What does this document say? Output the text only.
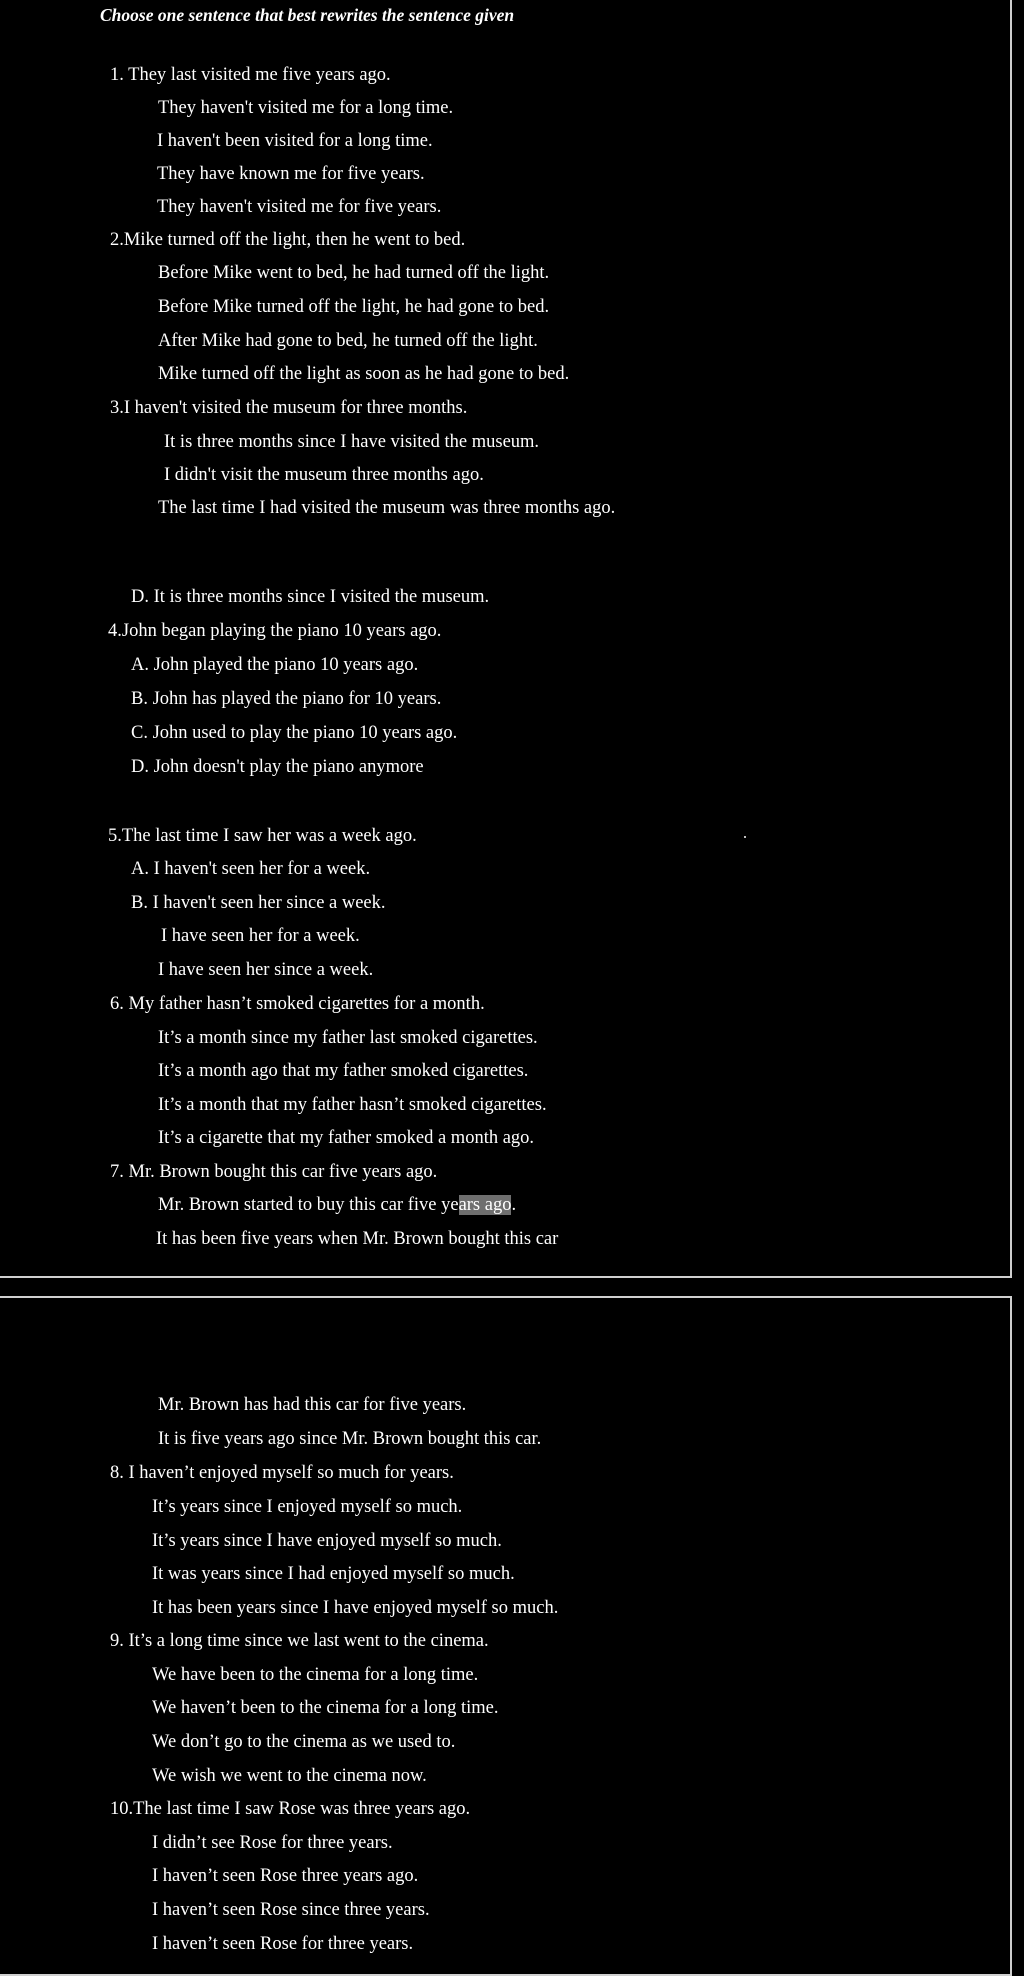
Choose one sentence that best rewrites the sentence given
1. They last visited me five years ago.
They haven't visited me for a long time.
I haven't been visited for a long time.
They have known me for five years.
They haven't visited me for five years.
2.Mike turned off the light, then he went to bed.
Before Mike went to bed, he had turned off the light.
Before Mike turned off the light, he had gone to bed.
After Mike had gone to bed, he turned off the light.
Mike turned off the light as soon as he had gone to bed.
3.I haven't visited the museum for three months.
It is three months since I have visited the museum.
I didn't visit the museum three months ago.
The last time I had visited the museum was three months ago.
D. It is three months since I visited the museum.
4.John began playing the piano 10 years ago.
A. John played the piano 10 years ago.
B. John has played the piano for 10 years.
C. John used to play the piano 10 years ago.
D. John doesn't play the piano anymore
5.The last time I saw her was a week ago.
A. I haven't seen her for a week.
B. I haven't seen her since a week.
I have seen her for a week.
I have seen her since a week.
6. My father hasn’t smoked cigarettes for a month.
It’s a month since my father last smoked cigarettes.
It’s a month ago that my father smoked cigarettes.
It’s a month that my father hasn’t smoked cigarettes.
It’s a cigarette that my father smoked a month ago.
7. Mr. Brown bought this car five years ago.
Mr. Brown started to buy this car five years ago.
It has been five years when Mr. Brown bought this car
Mr. Brown has had this car for five years.
It is five years ago since Mr. Brown bought this car.
8. I haven’t enjoyed myself so much for years.
It’s years since I enjoyed myself so much.
It’s years since I have enjoyed myself so much.
It was years since I had enjoyed myself so much.
It has been years since I have enjoyed myself so much.
9. It’s a long time since we last went to the cinema.
We have been to the cinema for a long time.
We haven’t been to the cinema for a long time.
We don’t go to the cinema as we used to.
We wish we went to the cinema now.
10.The last time I saw Rose was three years ago.
I didn’t see Rose for three years.
I haven’t seen Rose three years ago.
I haven’t seen Rose since three years.
I haven’t seen Rose for three years.
